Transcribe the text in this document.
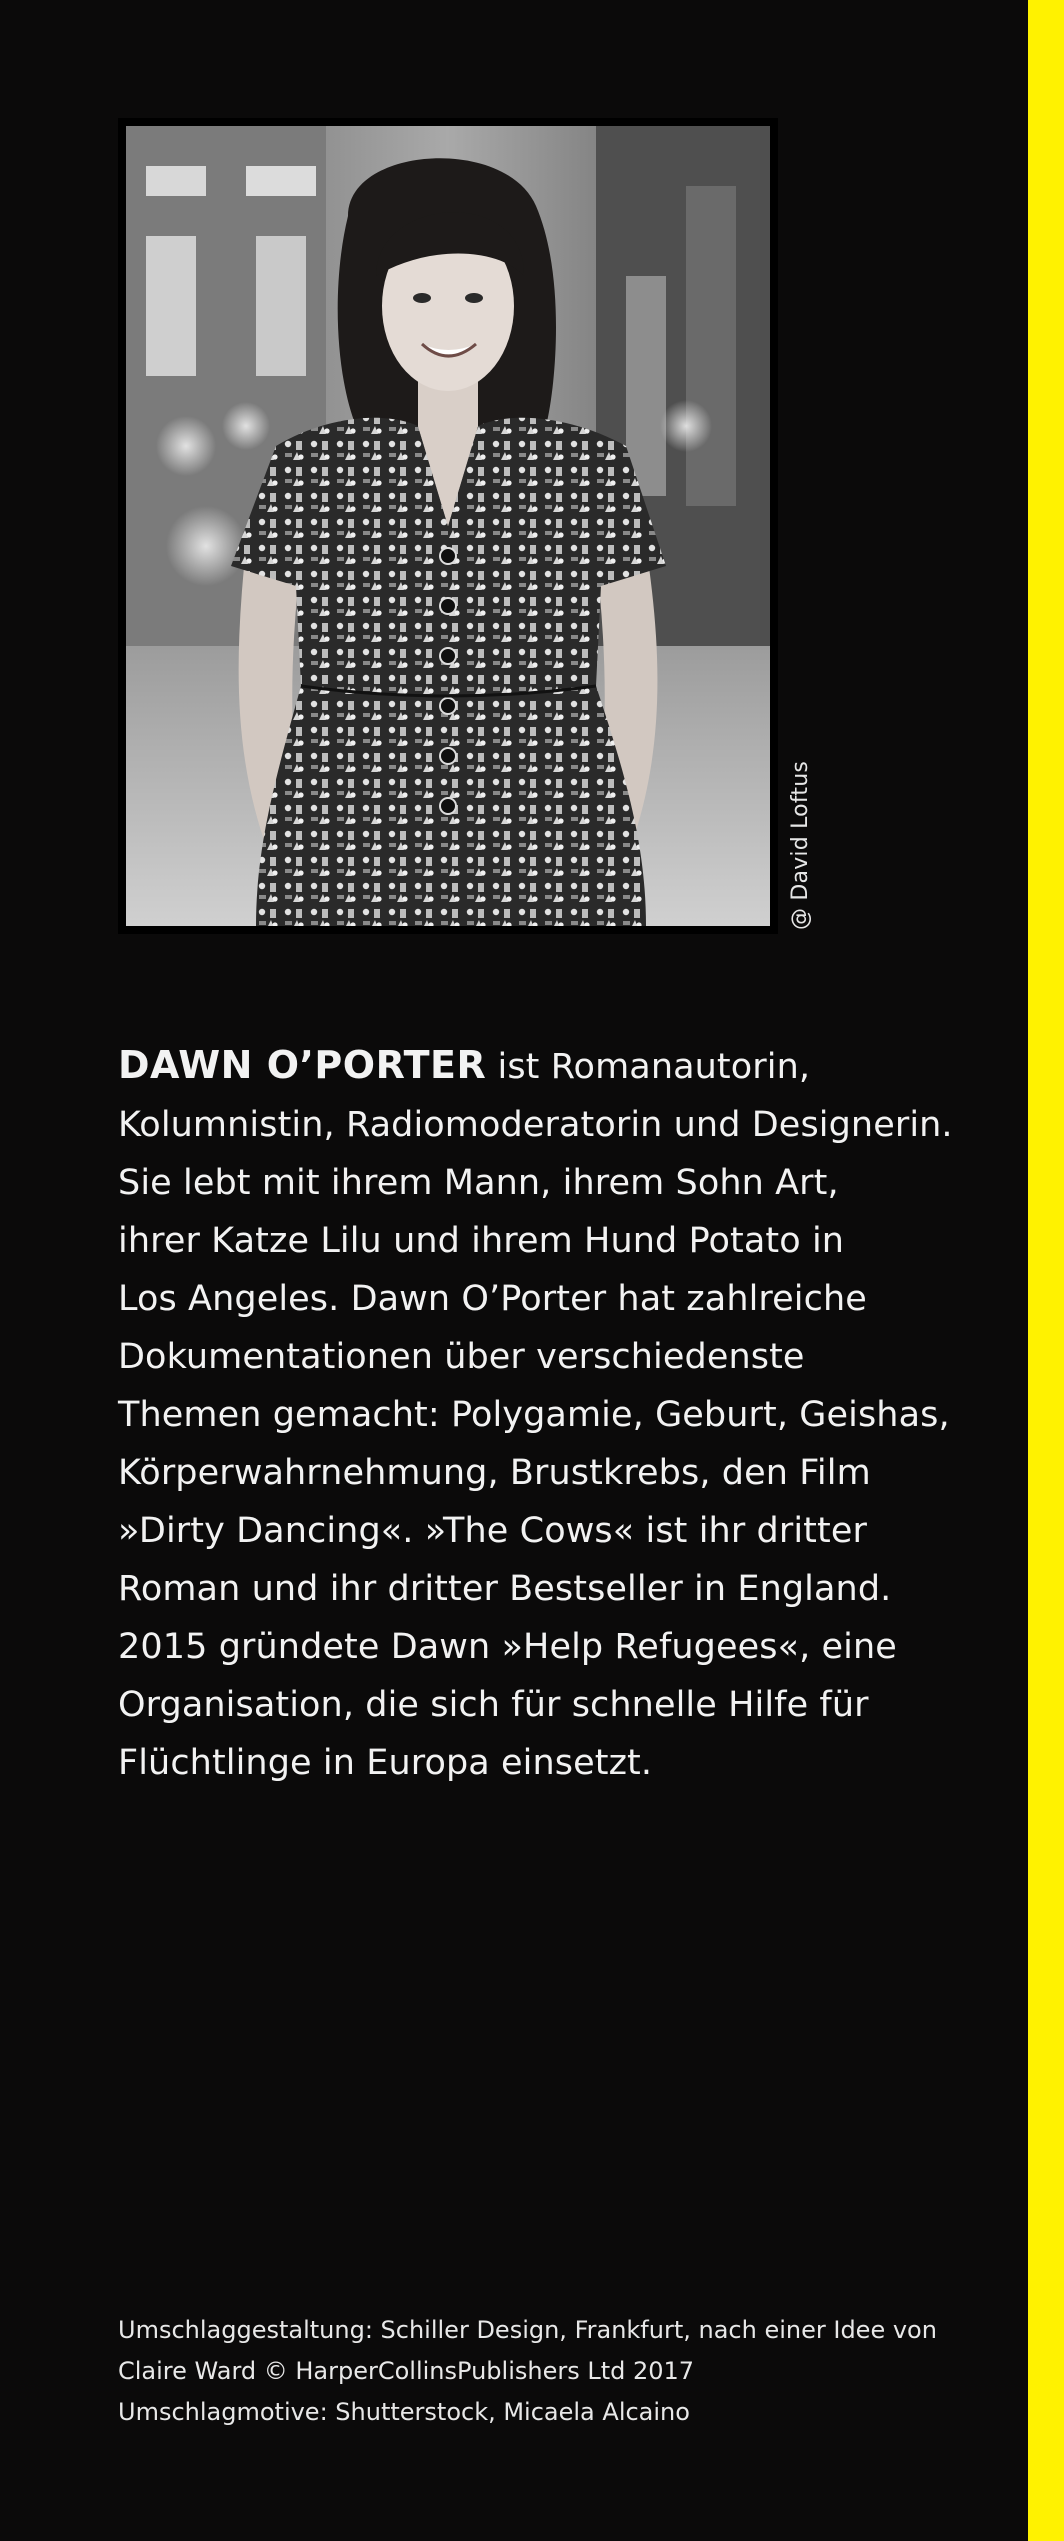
@ David Loftus
DAWN O’PORTER ist Romanautorin,
Kolumnistin, Radiomoderatorin und Designerin.
Sie lebt mit ihrem Mann, ihrem Sohn Art,
ihrer Katze Lilu und ihrem Hund Potato in
Los Angeles. Dawn O’Porter hat zahlreiche
Dokumentationen über verschiedenste
Themen gemacht: Polygamie, Geburt, Geishas,
Körperwahrnehmung, Brustkrebs, den Film
»Dirty Dancing«. »The Cows« ist ihr dritter
Roman und ihr dritter Bestseller in England.
2015 gründete Dawn »Help Refugees«, eine
Organisation, die sich für schnelle Hilfe für
Flüchtlinge in Europa einsetzt.
Umschlaggestaltung: Schiller Design, Frankfurt, nach einer Idee von
Claire Ward © HarperCollinsPublishers Ltd 2017
Umschlagmotive: Shutterstock, Micaela Alcaino
